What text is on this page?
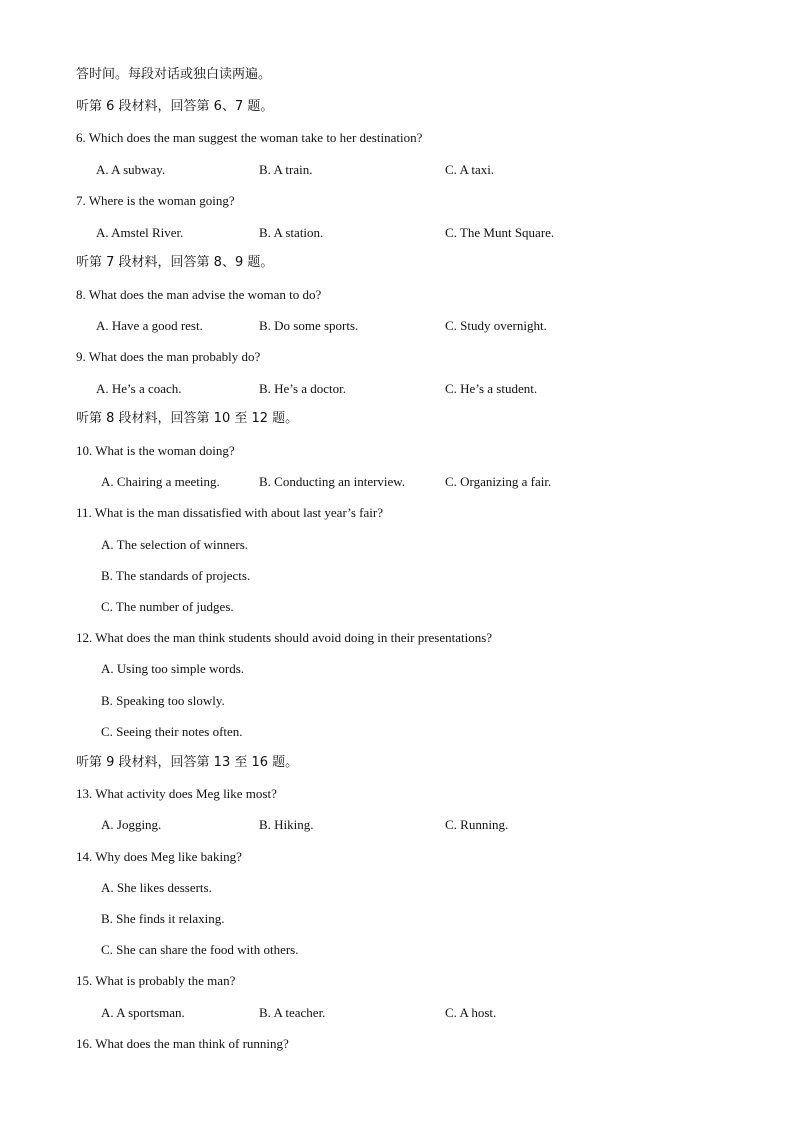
答时间。每段对话或独白读两遍。
听第 6 段材料，回答第 6、7 题。
6. Which does the man suggest the woman take to her destination?
A. A subway.	B. A train.	C. A taxi.
7. Where is the woman going?
A. Amstel River.	B. A station.	C. The Munt Square.
听第 7 段材料，回答第 8、9 题。
8. What does the man advise the woman to do?
A. Have a good rest.	B. Do some sports.	C. Study overnight.
9. What does the man probably do?
A. He’s a coach.	B. He’s a doctor.	C. He’s a student.
听第 8 段材料，回答第 10 至 12 题。
10. What is the woman doing?
A. Chairing a meeting.	B. Conducting an interview.	C. Organizing a fair.
11. What is the man dissatisfied with about last year’s fair?
A. The selection of winners.
B. The standards of projects.
C. The number of judges.
12. What does the man think students should avoid doing in their presentations?
A. Using too simple words.
B. Speaking too slowly.
C. Seeing their notes often.
听第 9 段材料，回答第 13 至 16 题。
13. What activity does Meg like most?
A. Jogging.	B. Hiking.	C. Running.
14. Why does Meg like baking?
A. She likes desserts.
B. She finds it relaxing.
C. She can share the food with others.
15. What is probably the man?
A. A sportsman.	B. A teacher.	C. A host.
16. What does the man think of running?
